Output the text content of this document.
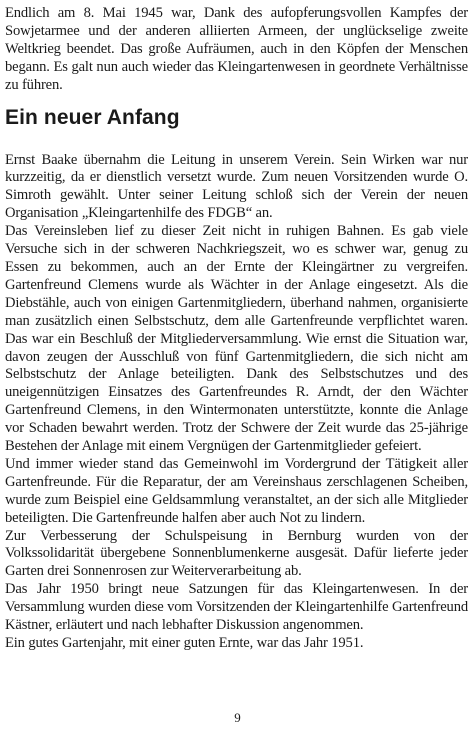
Endlich am 8. Mai 1945 war, Dank des aufopferungsvollen Kampfes der Sowjetarmee und der anderen alliierten Armeen, der unglückselige zweite Weltkrieg beendet. Das große Aufräumen, auch in den Köpfen der Menschen begann. Es galt nun auch wieder das Kleingartenwesen in geordnete Verhältnisse zu führen.

Ein neuer Anfang

Ernst Baake übernahm die Leitung in unserem Verein. Sein Wirken war nur kurzzeitig, da er dienstlich versetzt wurde. Zum neuen Vorsitzenden wurde O. Simroth gewählt. Unter seiner Leitung schloß sich der Verein der neuen Organisation „Kleingartenhilfe des FDGB“ an.

Das Vereinsleben lief zu dieser Zeit nicht in ruhigen Bahnen. Es gab viele Versuche sich in der schweren Nachkriegszeit, wo es schwer war, genug zu Essen zu bekommen, auch an der Ernte der Kleingärtner zu vergreifen. Gartenfreund Clemens wurde als Wächter in der Anlage eingesetzt. Als die Diebstähle, auch von einigen Gartenmitgliedern, überhand nahmen, organisierte man zusätzlich einen Selbstschutz, dem alle Gartenfreunde verpflichtet waren. Das war ein Beschluß der Mitgliederversammlung. Wie ernst die Situation war, davon zeugen der Ausschluß von fünf Gartenmitgliedern, die sich nicht am Selbstschutz der Anlage beteiligten. Dank des Selbstschutzes und des uneigennützigen Einsatzes des Gartenfreundes R. Arndt, der den Wächter Gartenfreund Clemens, in den Wintermonaten unterstützte, konnte die Anlage vor Schaden bewahrt werden. Trotz der Schwere der Zeit wurde das 25-jährige Bestehen der Anlage mit einem Vergnügen der Gartenmitglieder gefeiert.

Und immer wieder stand das Gemeinwohl im Vordergrund der Tätigkeit aller Gartenfreunde. Für die Reparatur, der am Vereinshaus zerschlagenen Scheiben, wurde zum Beispiel eine Geldsammlung veranstaltet, an der sich alle Mitglieder beteiligten. Die Gartenfreunde halfen aber auch Not zu lindern.

Zur Verbesserung der Schulspeisung in Bernburg wurden von der Volkssolidarität übergebene Sonnenblumenkerne ausgesät. Dafür lieferte jeder Garten drei Sonnenrosen zur Weiterverarbeitung ab.

Das Jahr 1950 bringt neue Satzungen für das Kleingartenwesen. In der Versammlung wurden diese vom Vorsitzenden der Kleingartenhilfe Gartenfreund Kästner, erläutert und nach lebhafter Diskussion angenommen.

Ein gutes Gartenjahr, mit einer guten Ernte, war das Jahr 1951.

9
